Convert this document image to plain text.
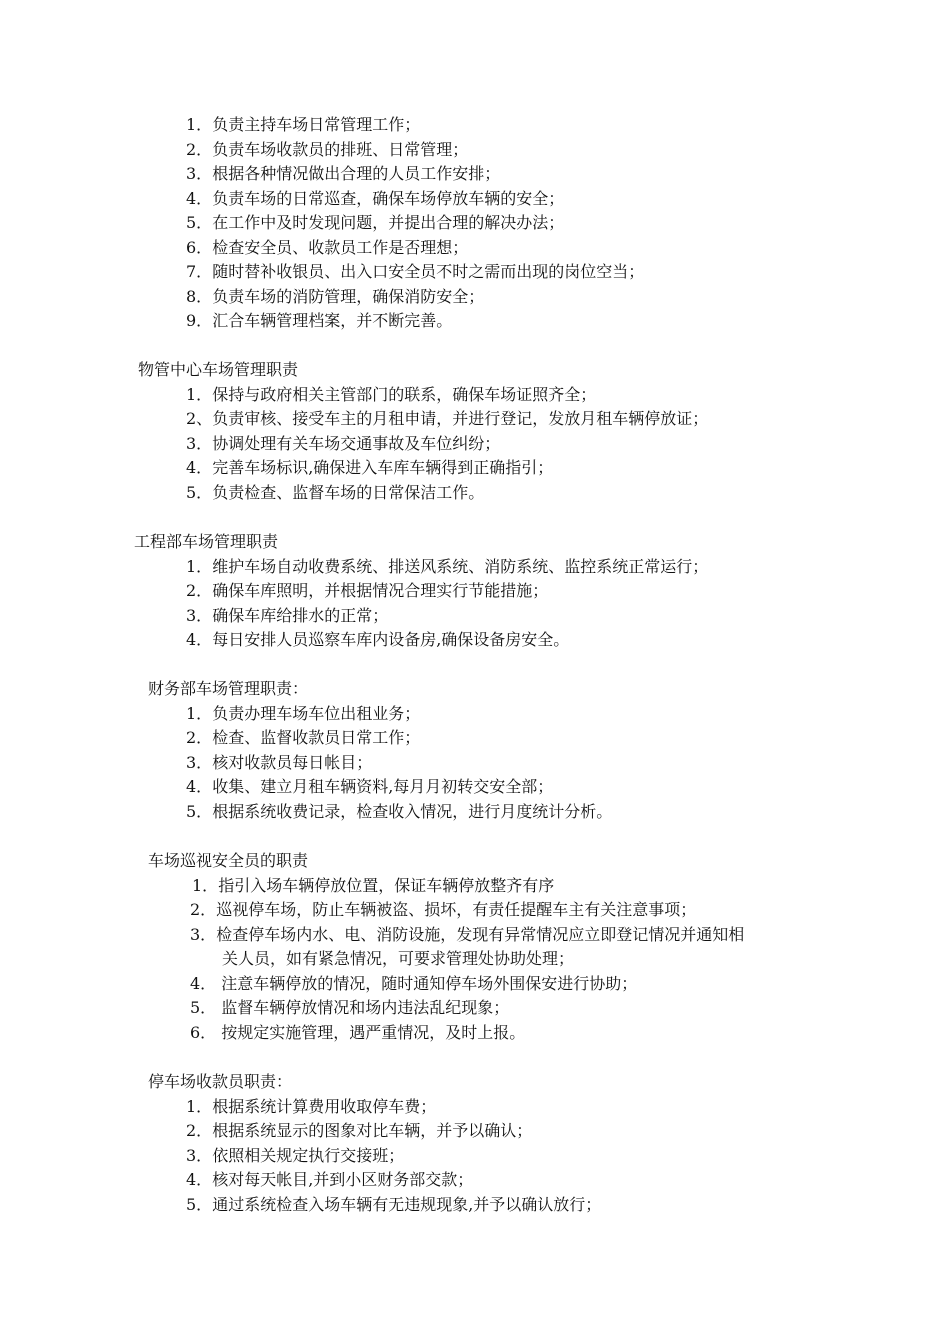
1．负责主持车场日常管理工作；
2．负责车场收款员的排班、日常管理；
3．根据各种情况做出合理的人员工作安排；
4．负责车场的日常巡查，确保车场停放车辆的安全；
5．在工作中及时发现问题，并提出合理的解决办法；
6．检查安全员、收款员工作是否理想；
7．随时替补收银员、出入口安全员不时之需而出现的岗位空当；
8．负责车场的消防管理，确保消防安全；
9．汇合车辆管理档案，并不断完善。
物管中心车场管理职责
1．保持与政府相关主管部门的联系，确保车场证照齐全；
2、负责审核、接受车主的月租申请，并进行登记，发放月租车辆停放证；
3．协调处理有关车场交通事故及车位纠纷；
4．完善车场标识,确保进入车库车辆得到正确指引；
5．负责检查、监督车场的日常保洁工作。
工程部车场管理职责
1．维护车场自动收费系统、排送风系统、消防系统、监控系统正常运行；
2．确保车库照明，并根据情况合理实行节能措施；
3．确保车库给排水的正常；
4．每日安排人员巡察车库内设备房,确保设备房安全。
财务部车场管理职责：
1．负责办理车场车位出租业务；
2．检查、监督收款员日常工作；
3．核对收款员每日帐目；
4．收集、建立月租车辆资料,每月月初转交安全部；
5．根据系统收费记录，检查收入情况，进行月度统计分析。
车场巡视安全员的职责
1．指引入场车辆停放位置，保证车辆停放整齐有序
2．巡视停车场，防止车辆被盗、损坏，有责任提醒车主有关注意事项；
3．检查停车场内水、电、消防设施，发现有异常情况应立即登记情况并通知相
关人员，如有紧急情况，可要求管理处协助处理；
4． 注意车辆停放的情况，随时通知停车场外围保安进行协助；
5． 监督车辆停放情况和场内违法乱纪现象；
6． 按规定实施管理，遇严重情况，及时上报。
停车场收款员职责：
1．根据系统计算费用收取停车费；
2．根据系统显示的图象对比车辆，并予以确认；
3．依照相关规定执行交接班；
4．核对每天帐目,并到小区财务部交款；
5．通过系统检查入场车辆有无违规现象,并予以确认放行；
